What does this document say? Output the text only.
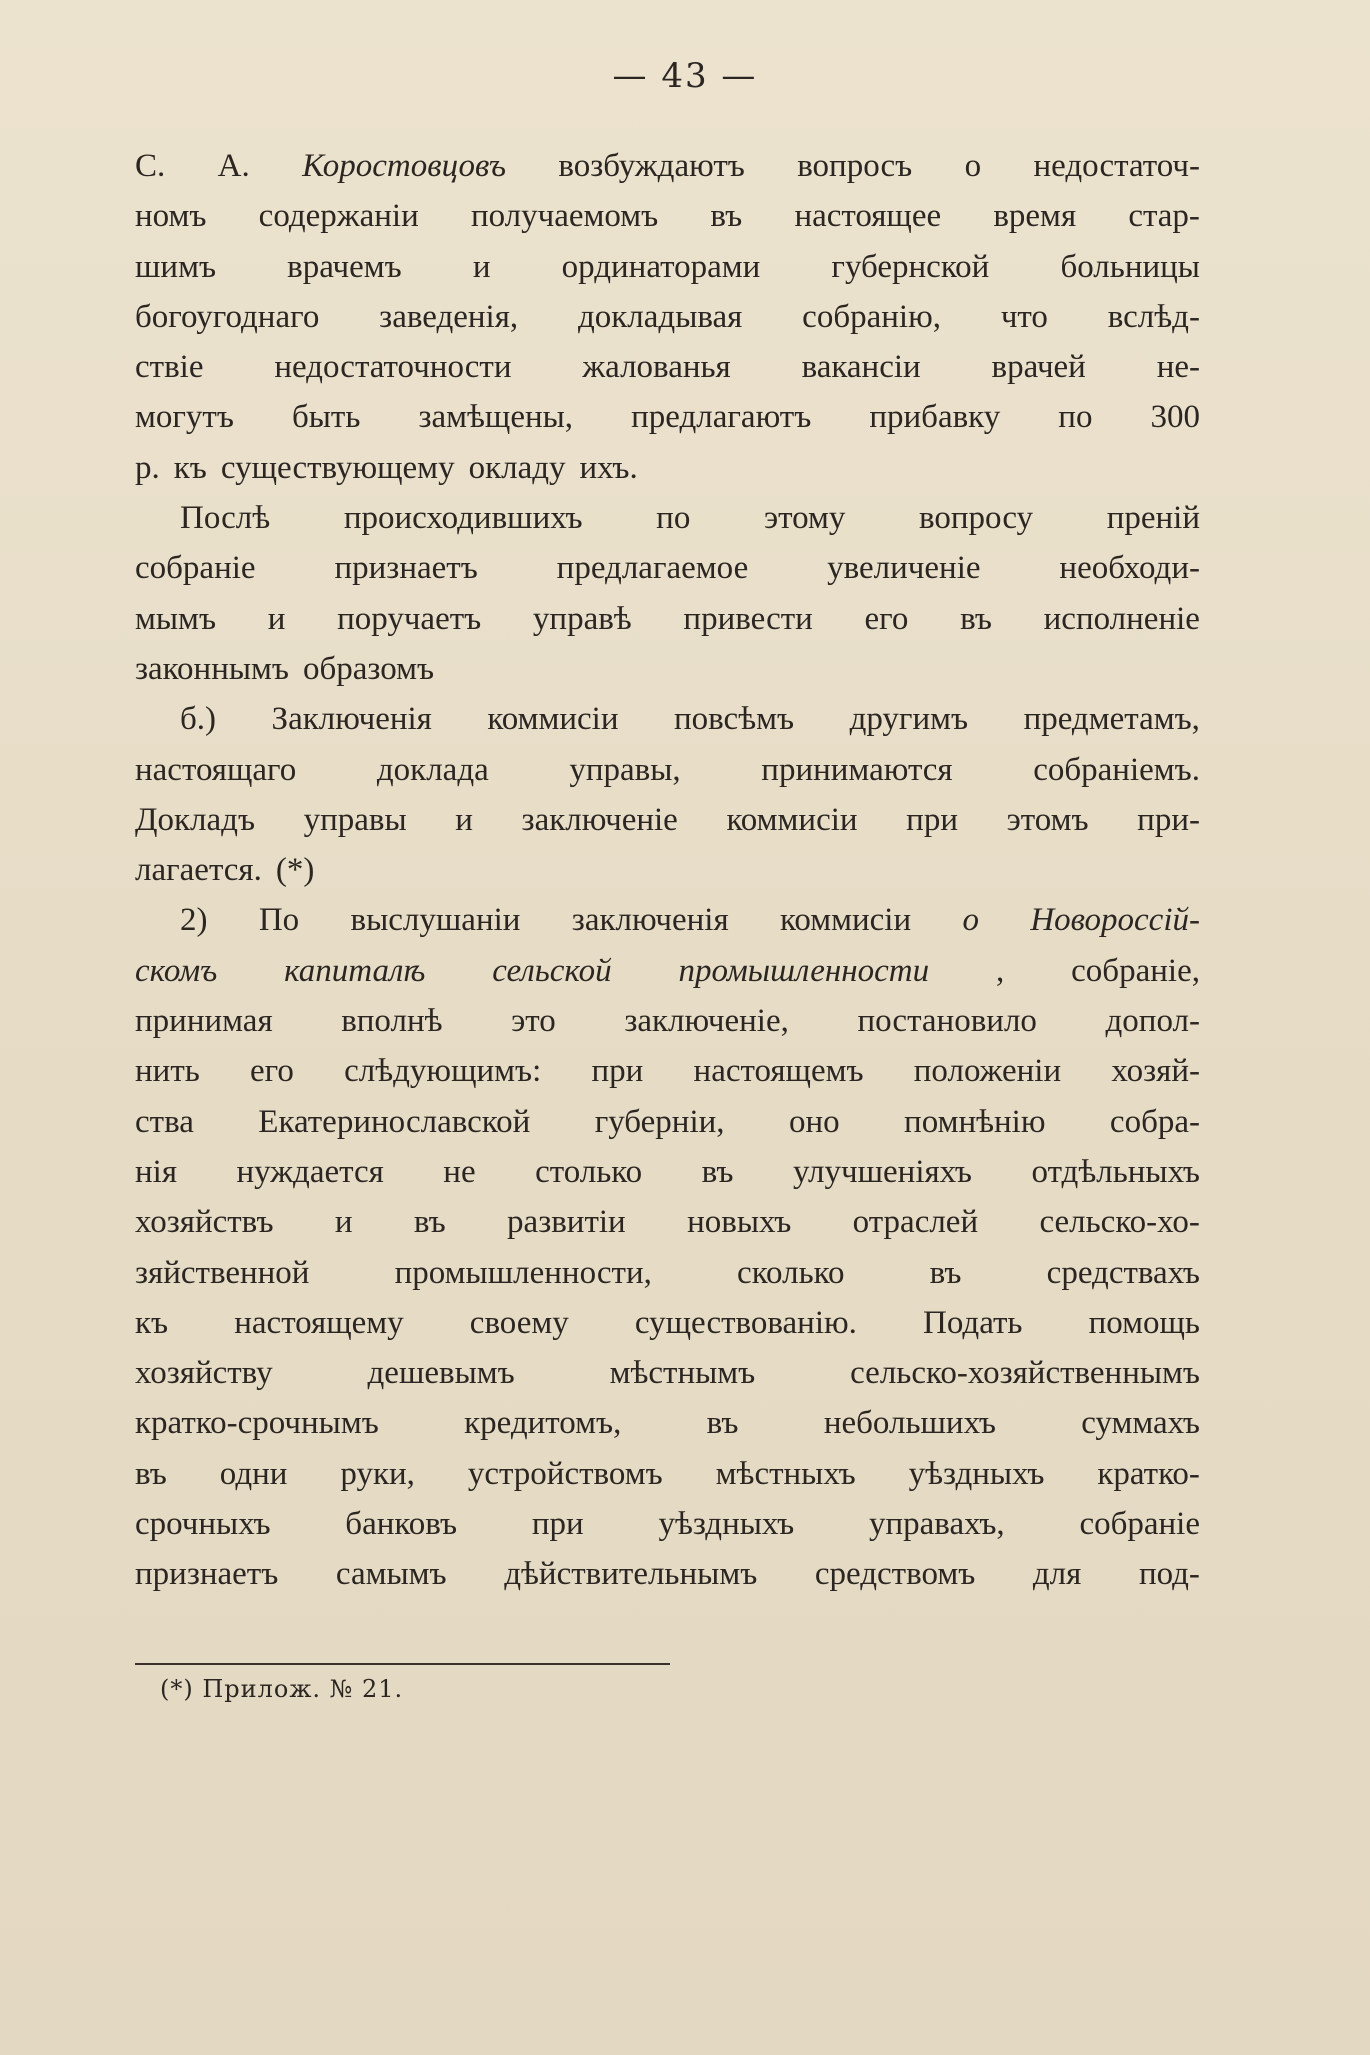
— 43 —

С. А. Коростовцовъ возбуждаютъ вопросъ о недостаточ-
номъ содержанiи получаемомъ въ настоящее время стар-
шимъ врачемъ и ординаторами губернской больницы
богоугоднаго заведенiя, докладывая собранiю, что вслѣд-
ствiе недостаточности жалованья вакансiи врачей не-
могутъ быть замѣщены, предлагаютъ прибавку по 300
р. къ существующему окладу ихъ.
Послѣ происходившихъ по этому вопросу пренiй
собранiе признаетъ предлагаемое увеличенiе необходи-
мымъ и поручаетъ управѣ привести его въ исполненiе
законнымъ образомъ
б.) Заключенiя коммисiи повсѣмъ другимъ предметамъ,
настоящаго доклада управы, принимаются собранiемъ.
Докладъ управы и заключенiе коммисiи при этомъ при-
лагается. (*)
2) По выслушанiи заключенiя коммисiи о Новороссiй-
скомъ капиталѣ сельской промышленности , собранiе,
принимая вполнѣ это заключенiе, постановило допол-
нить его слѣдующимъ: при настоящемъ положенiи хозяй-
ства Екатеринославской губернiи, оно помнѣнiю собра-
нiя нуждается не столько въ улучшенiяхъ отдѣльныхъ
хозяйствъ и въ развитiи новыхъ отраслей сельско-хо-
зяйственной	промышленности,	сколько	въ	средствахъ
къ настоящему своему существованiю. Подать помощь
хозяйству	дешевымъ	мѣстнымъ	сельско-хозяйственнымъ
кратко-срочнымъ	кредитомъ,	въ	небольшихъ	суммахъ
въ одни руки, устройствомъ мѣстныхъ уѣздныхъ кратко-
срочныхъ банковъ при уѣздныхъ управахъ, собранiе
признаетъ самымъ дѣйствительнымъ средствомъ для под-
(*) Прилож. № 21.
